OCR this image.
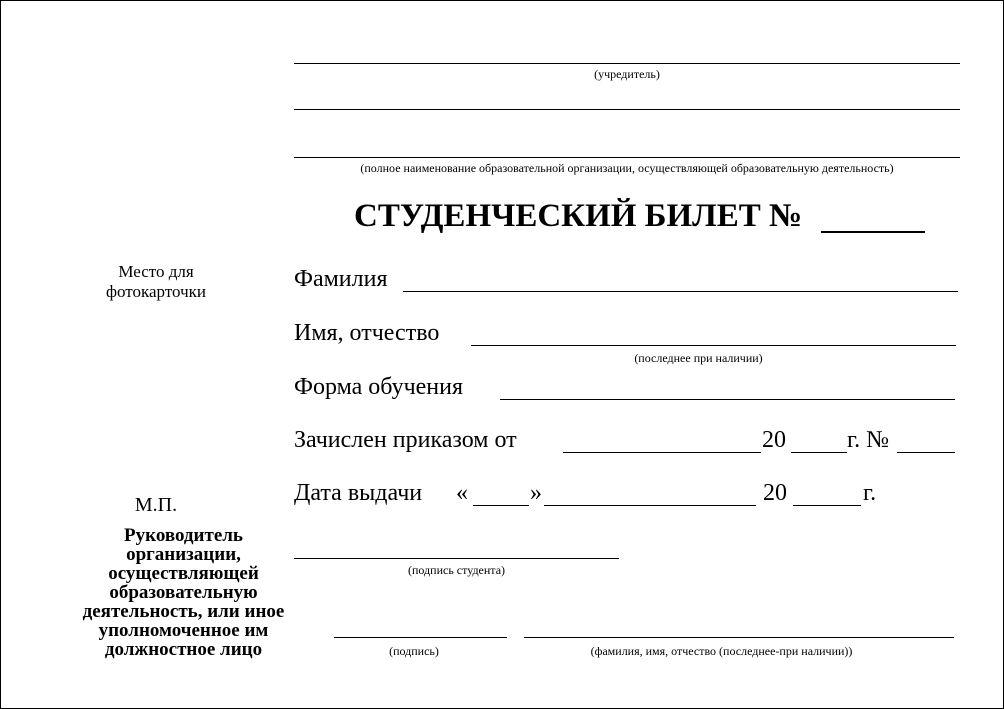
(учредитель)
(полное наименование образовательной организации, осуществляющей образовательную деятельность)
СТУДЕНЧЕСКИЙ БИЛЕТ №
Место для
фотокарточки	Фамилия
Имя, отчество
(последнее при наличии)
Форма обучения
Зачислен приказом от	20	г. №
Дата выдачи «	»	20	г.
М.П.
Руководитель
организации,
осуществляющей
образовательную
деятельность, или иное
уполномоченное им
должностное лицо
(подпись студента)
(подпись)	(фамилия, имя, отчество (последнее-при наличии))
